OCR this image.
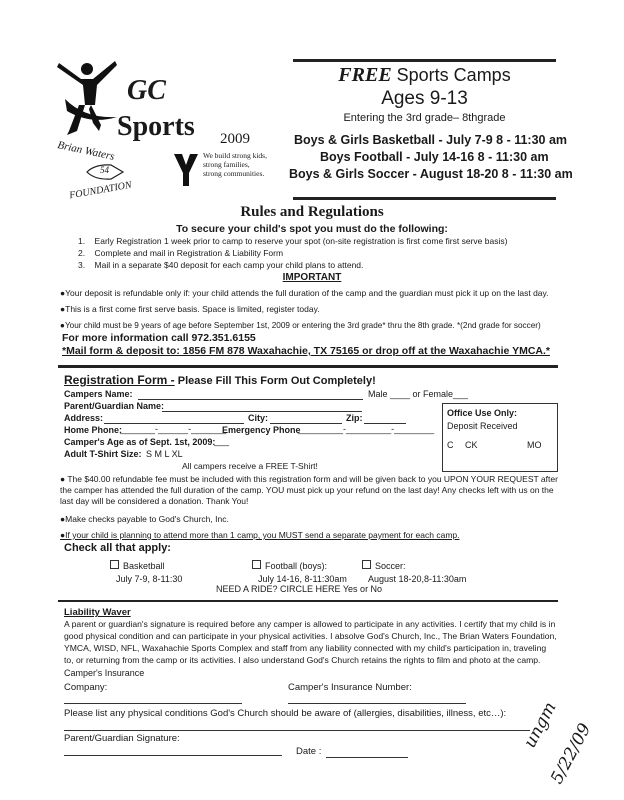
GC
Sports 2009
Brian Waters
54
FOUNDATION
We build strong kids,
strong families,
strong communities.
FREE Sports Camps
Ages 9-13
Entering the 3rd grade– 8thgrade
Boys & Girls Basketball - July 7-9 8 - 11:30 am
Boys Football - July 14-16 8 - 11:30 am
Boys & Girls Soccer - August 18-20 8 - 11:30 am
Rules and Regulations
To secure your child's spot you must do the following:
1.    Early Registration 1 week prior to camp to reserve your spot (on-site registration is first come first serve basis)
2.    Complete and mail in Registration & Liability Form
3.    Mail in a separate $40 deposit for each camp your child plans to attend.
IMPORTANT
●Your deposit is refundable only if: your child attends the full duration of the camp and the guardian must pick it up on the last day.
●This is a first come first serve basis. Space is limited, register today.
●Your child must be 9 years of age before September 1st, 2009 or entering the 3rd grade* thru the 8th grade. *(2nd grade for soccer)
For more information call 972.351.6155
*Mail form & deposit to: 1856 FM 878 Waxahachie, TX 75165 or drop off at the Waxahachie YMCA.*
Registration Form - Please Fill This Form Out Completely!
Campers Name:	Male ____ or Female___
Parent/Guardian Name:
Address:	City:	Zip:
Home Phone:
_______-______-_______
Emergency Phone
_________-_________-________
Camper's Age as of Sept. 1st, 2009:
___
Adult T-Shirt Size: S M L XL
All campers receive a FREE T-Shirt!
Office Use Only:
Deposit Received
C CK	MO
● The $40.00 refundable fee must be included with this registration form and will be given back to you UPON YOUR REQUEST after the camper has attended the full duration of the camp. YOU must pick up your refund on the last day! Any checks left with us on the last day will be considered a donation. Thank You!
●Make checks payable to God's Church, Inc.
●If your child is planning to attend more than 1 camp, you MUST send a separate payment for each camp.
Check all that apply:
Basketball
July 7-9, 8-11:30
Football (boys):
July 14-16, 8-11:30am
Soccer:
August 18-20,8-11:30am
NEED A RIDE? CIRCLE HERE Yes or No
Liability Waver
A parent or guardian's signature is required before any camper is allowed to participate in any activities. I certify that my child is in good physical condition and can participate in your physical activities. I absolve God's Church, Inc., The Brian Waters Foundation, YMCA, WISD, NFL, Waxahachie Sports Complex and staff from any liability connected with my child's participation in, traveling to, or returning from the camp or its activities. I also understand God's Church retains the rights to film and photo at the camp.
Camper's Insurance
Company:	Camper's Insurance Number:
Please list any physical conditions God's Church should be aware of (allergies, disabilities, illness, etc…):
Parent/Guardian Signature:
Date :
ungm
5/22/09
